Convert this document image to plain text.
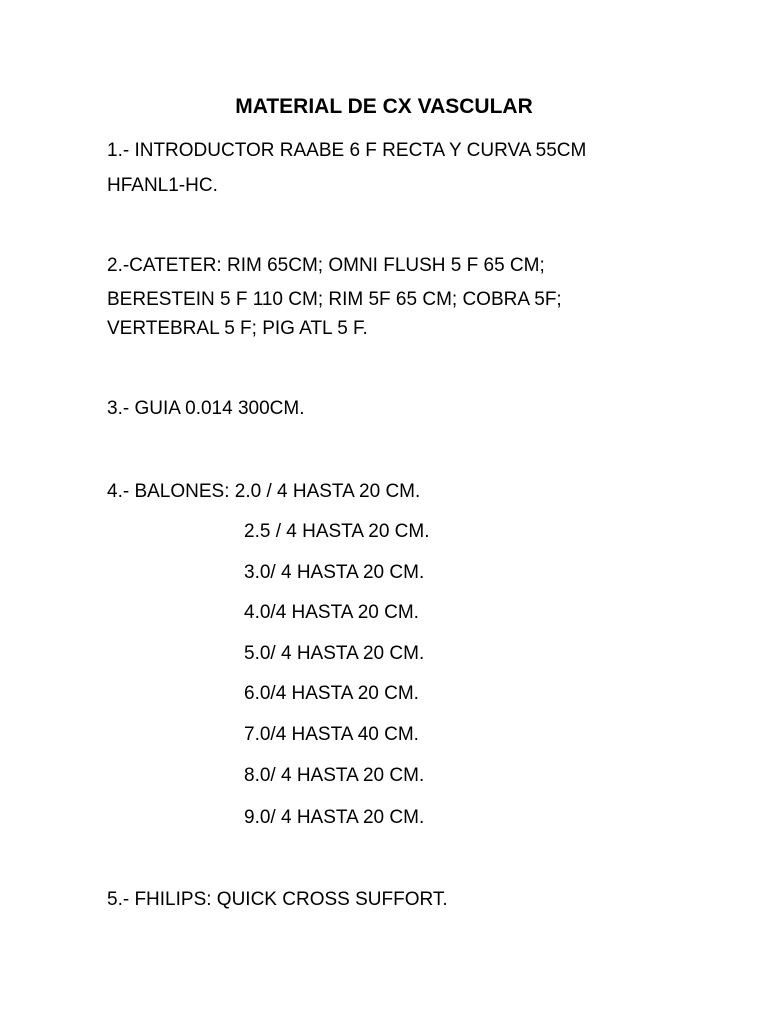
MATERIAL DE CX VASCULAR
1.- INTRODUCTOR RAABE 6 F RECTA Y CURVA 55CM
HFANL1-HC.
2.-CATETER: RIM 65CM; OMNI FLUSH 5 F 65 CM;
BERESTEIN 5 F 110 CM; RIM 5F 65 CM; COBRA 5F;
VERTEBRAL 5 F; PIG ATL 5 F.
3.- GUIA 0.014 300CM.
4.- BALONES: 2.0 / 4 HASTA 20 CM.
2.5 / 4 HASTA 20 CM.
3.0/ 4 HASTA 20 CM.
4.0/4 HASTA 20 CM.
5.0/ 4 HASTA 20 CM.
6.0/4 HASTA 20 CM.
7.0/4 HASTA 40 CM.
8.0/ 4 HASTA 20 CM.
9.0/ 4 HASTA 20 CM.
5.- FHILIPS: QUICK CROSS SUFFORT.
